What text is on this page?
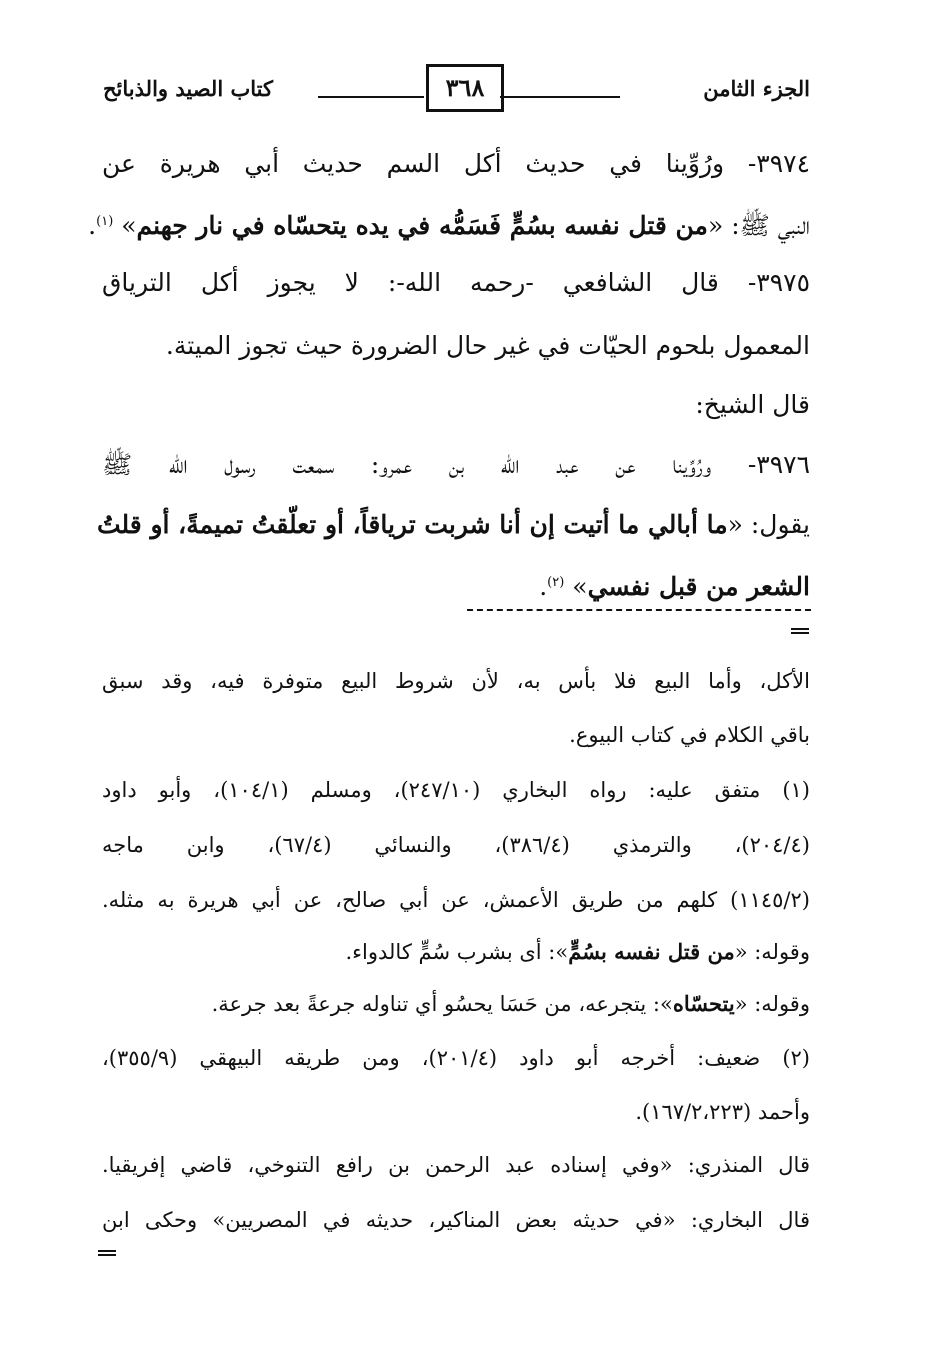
الجزء الثامن
٣٦٨
كتاب الصيد والذبائح
٣٩٧٤- ورُوِّينا في حديث أكل السم حديث أبي هريرة عن
النبي ﷺ: «من قتل نفسه بسُمٍّ فَسَمُّه في يده يتحسّاه في نار جهنم» $^{(١)}$.
٣٩٧٥- قال الشافعي -رحمه الله-: لا يجوز أكل الترياق
المعمول بلحوم الحيّات في غير حال الضرورة حيث تجوز الميتة.
قال الشيخ:
٣٩٧٦- ورُوِّينا عن عبد الله بن عمرو: سمعت رسول الله ﷺ
يقول: «ما أبالي ما أتيت إن أنا شربت ترياقاً، أو تعلّقتُ تميمةً، أو قلتُ
الشعر من قبل نفسي» $^{(٢)}$.
الأكل، وأما البيع فلا بأس به، لأن شروط البيع متوفرة فيه، وقد سبق
باقي الكلام في كتاب البيوع.
(١) متفق عليه: رواه البخاري (٢٤٧/١٠)، ومسلم (١٠٤/١)، وأبو داود
(٢٠٤/٤)، والترمذي (٣٨٦/٤)، والنسائي (٦٧/٤)، وابن ماجه
(١١٤٥/٢) كلهم من طريق الأعمش، عن أبي صالح، عن أبي هريرة به مثله.
وقوله: «من قتل نفسه بسُمٍّ»: أى بشرب سُمٍّ كالدواء.
وقوله: «يتحسّاه»: يتجرعه، من حَسَا يحسُو أي تناوله جرعةً بعد جرعة.
(٢) ضعيف: أخرجه أبو داود (٢٠١/٤)، ومن طريقه البيهقي (٣٥٥/٩)،
وأحمد (١٦٧/٢،٢٢٣).
قال المنذري: «وفي إسناده عبد الرحمن بن رافع التنوخي، قاضي إفريقيا.
قال البخاري: «في حديثه بعض المناكير، حديثه في المصريين» وحكى ابن
